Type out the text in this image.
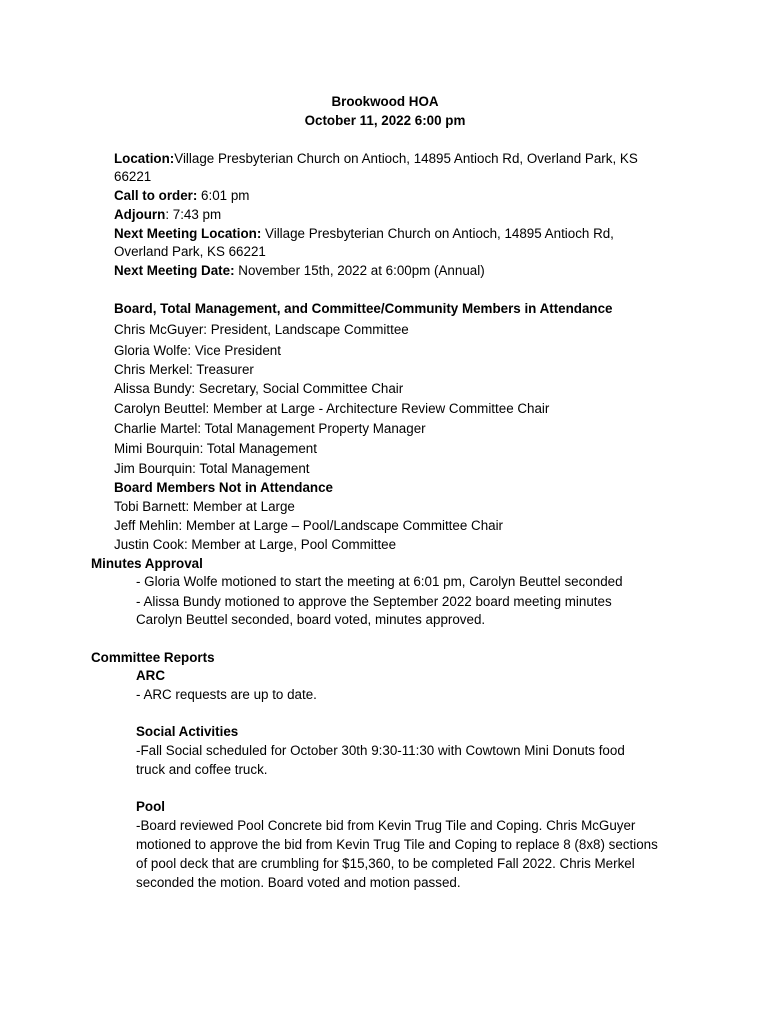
Brookwood HOA
October 11, 2022 6:00 pm
Location:Village Presbyterian Church on Antioch, 14895 Antioch Rd, Overland Park, KS
66221
Call to order: 6:01 pm
Adjourn: 7:43 pm
Next Meeting Location: Village Presbyterian Church on Antioch, 14895 Antioch Rd,
Overland Park, KS 66221
Next Meeting Date: November 15th, 2022 at 6:00pm (Annual)
Board, Total Management, and Committee/Community Members in Attendance
Chris McGuyer: President, Landscape Committee
Gloria Wolfe: Vice President
Chris Merkel: Treasurer
Alissa Bundy: Secretary, Social Committee Chair
Carolyn Beuttel: Member at Large - Architecture Review Committee Chair
Charlie Martel: Total Management Property Manager
Mimi Bourquin: Total Management
Jim Bourquin: Total Management
Board Members Not in Attendance
Tobi Barnett: Member at Large
Jeff Mehlin: Member at Large – Pool/Landscape Committee Chair
Justin Cook: Member at Large, Pool Committee
Minutes Approval
- Gloria Wolfe motioned to start the meeting at 6:01 pm, Carolyn Beuttel seconded
- Alissa Bundy motioned to approve the September 2022 board meeting minutes
Carolyn Beuttel seconded, board voted, minutes approved.
Committee Reports
ARC
- ARC requests are up to date.
Social Activities
-Fall Social scheduled for October 30th 9:30-11:30 with Cowtown Mini Donuts food
truck and coffee truck.
Pool
-Board reviewed Pool Concrete bid from Kevin Trug Tile and Coping. Chris McGuyer
motioned to approve the bid from Kevin Trug Tile and Coping to replace 8 (8x8) sections
of pool deck that are crumbling for $15,360, to be completed Fall 2022. Chris Merkel
seconded the motion. Board voted and motion passed.
